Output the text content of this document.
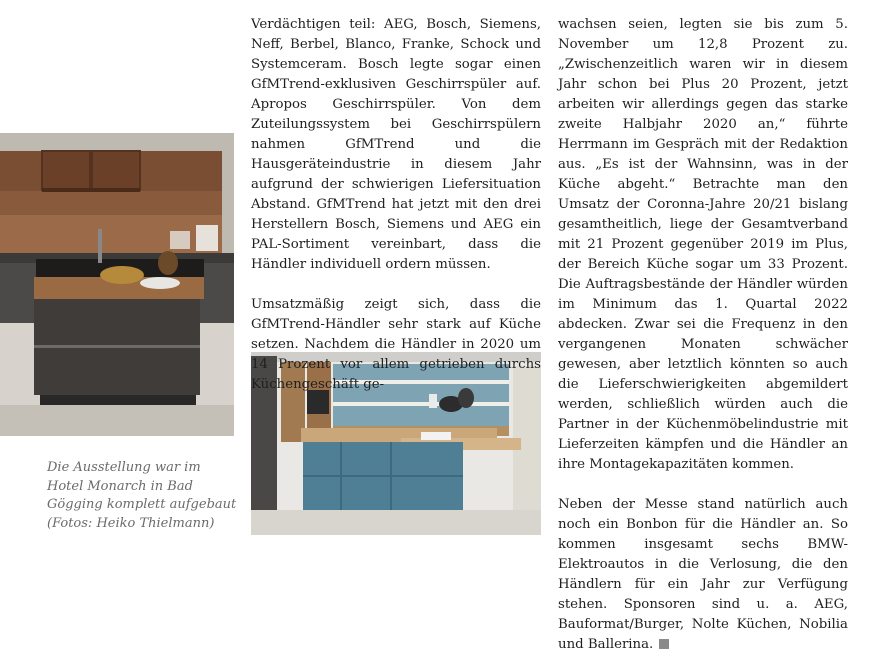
Verdächtigen teil: AEG, Bosch, Siemens, Neff, Berbel, Blanco, Franke, Schock und Systemceram. Bosch legte sogar einen GfMTrend-exklusiven Geschirrspüler auf. Apropos Geschirrspüler. Von dem Zuteilungssystem bei Geschirrspülern nahmen GfMTrend und die Hausgeräteindustrie in diesem Jahr aufgrund der schwierigen Liefersituation Abstand. GfMTrend hat jetzt mit den drei Herstellern Bosch, Siemens und AEG ein PAL-Sortiment vereinbart, dass die Händler individuell ordern müssen.

Umsatzmäßig zeigt sich, dass die GfMTrend-Händler sehr stark auf Küche setzen. Nachdem die Händler in 2020 um 14 Prozent vor allem getrieben durchs Küchengeschäft ge-

wachsen seien, legten sie bis zum 5. November um 12,8 Prozent zu. „Zwischenzeitlich waren wir in diesem Jahr schon bei Plus 20 Prozent, jetzt arbeiten wir allerdings gegen das starke zweite Halbjahr 2020 an,“ führte Herrmann im Gespräch mit der Redaktion aus. „Es ist der Wahnsinn, was in der Küche abgeht.“ Betrachte man den Umsatz der Coronna-Jahre 20/21 bislang gesamtheitlich, liege der Gesamtverband mit 21 Prozent gegenüber 2019 im Plus, der Bereich Küche sogar um 33 Prozent. Die Auftragsbestände der Händler würden im Minimum das 1. Quartal 2022 abdecken. Zwar sei die Frequenz in den vergangenen Monaten schwächer gewesen, aber letztlich könnten so auch die Lieferschwierigkeiten abgemildert werden, schließlich würden auch die Partner in der Küchenmöbelindustrie mit Lieferzeiten kämpfen und die Händler an ihre Montagekapazitäten kommen.

Neben der Messe stand natürlich auch noch ein Bonbon für die Händler an. So kommen insgesamt sechs BMW-Elektroautos in die Verlosung, die den Händlern für ein Jahr zur Verfügung stehen. Sponsoren sind u. a. AEG, Bauformat/Burger, Nolte Küchen, Nobilia und Ballerina.

Die Ausstellung war im Hotel Monarch in Bad Gögging komplett aufgebaut (Fotos: Heiko Thielmann)
